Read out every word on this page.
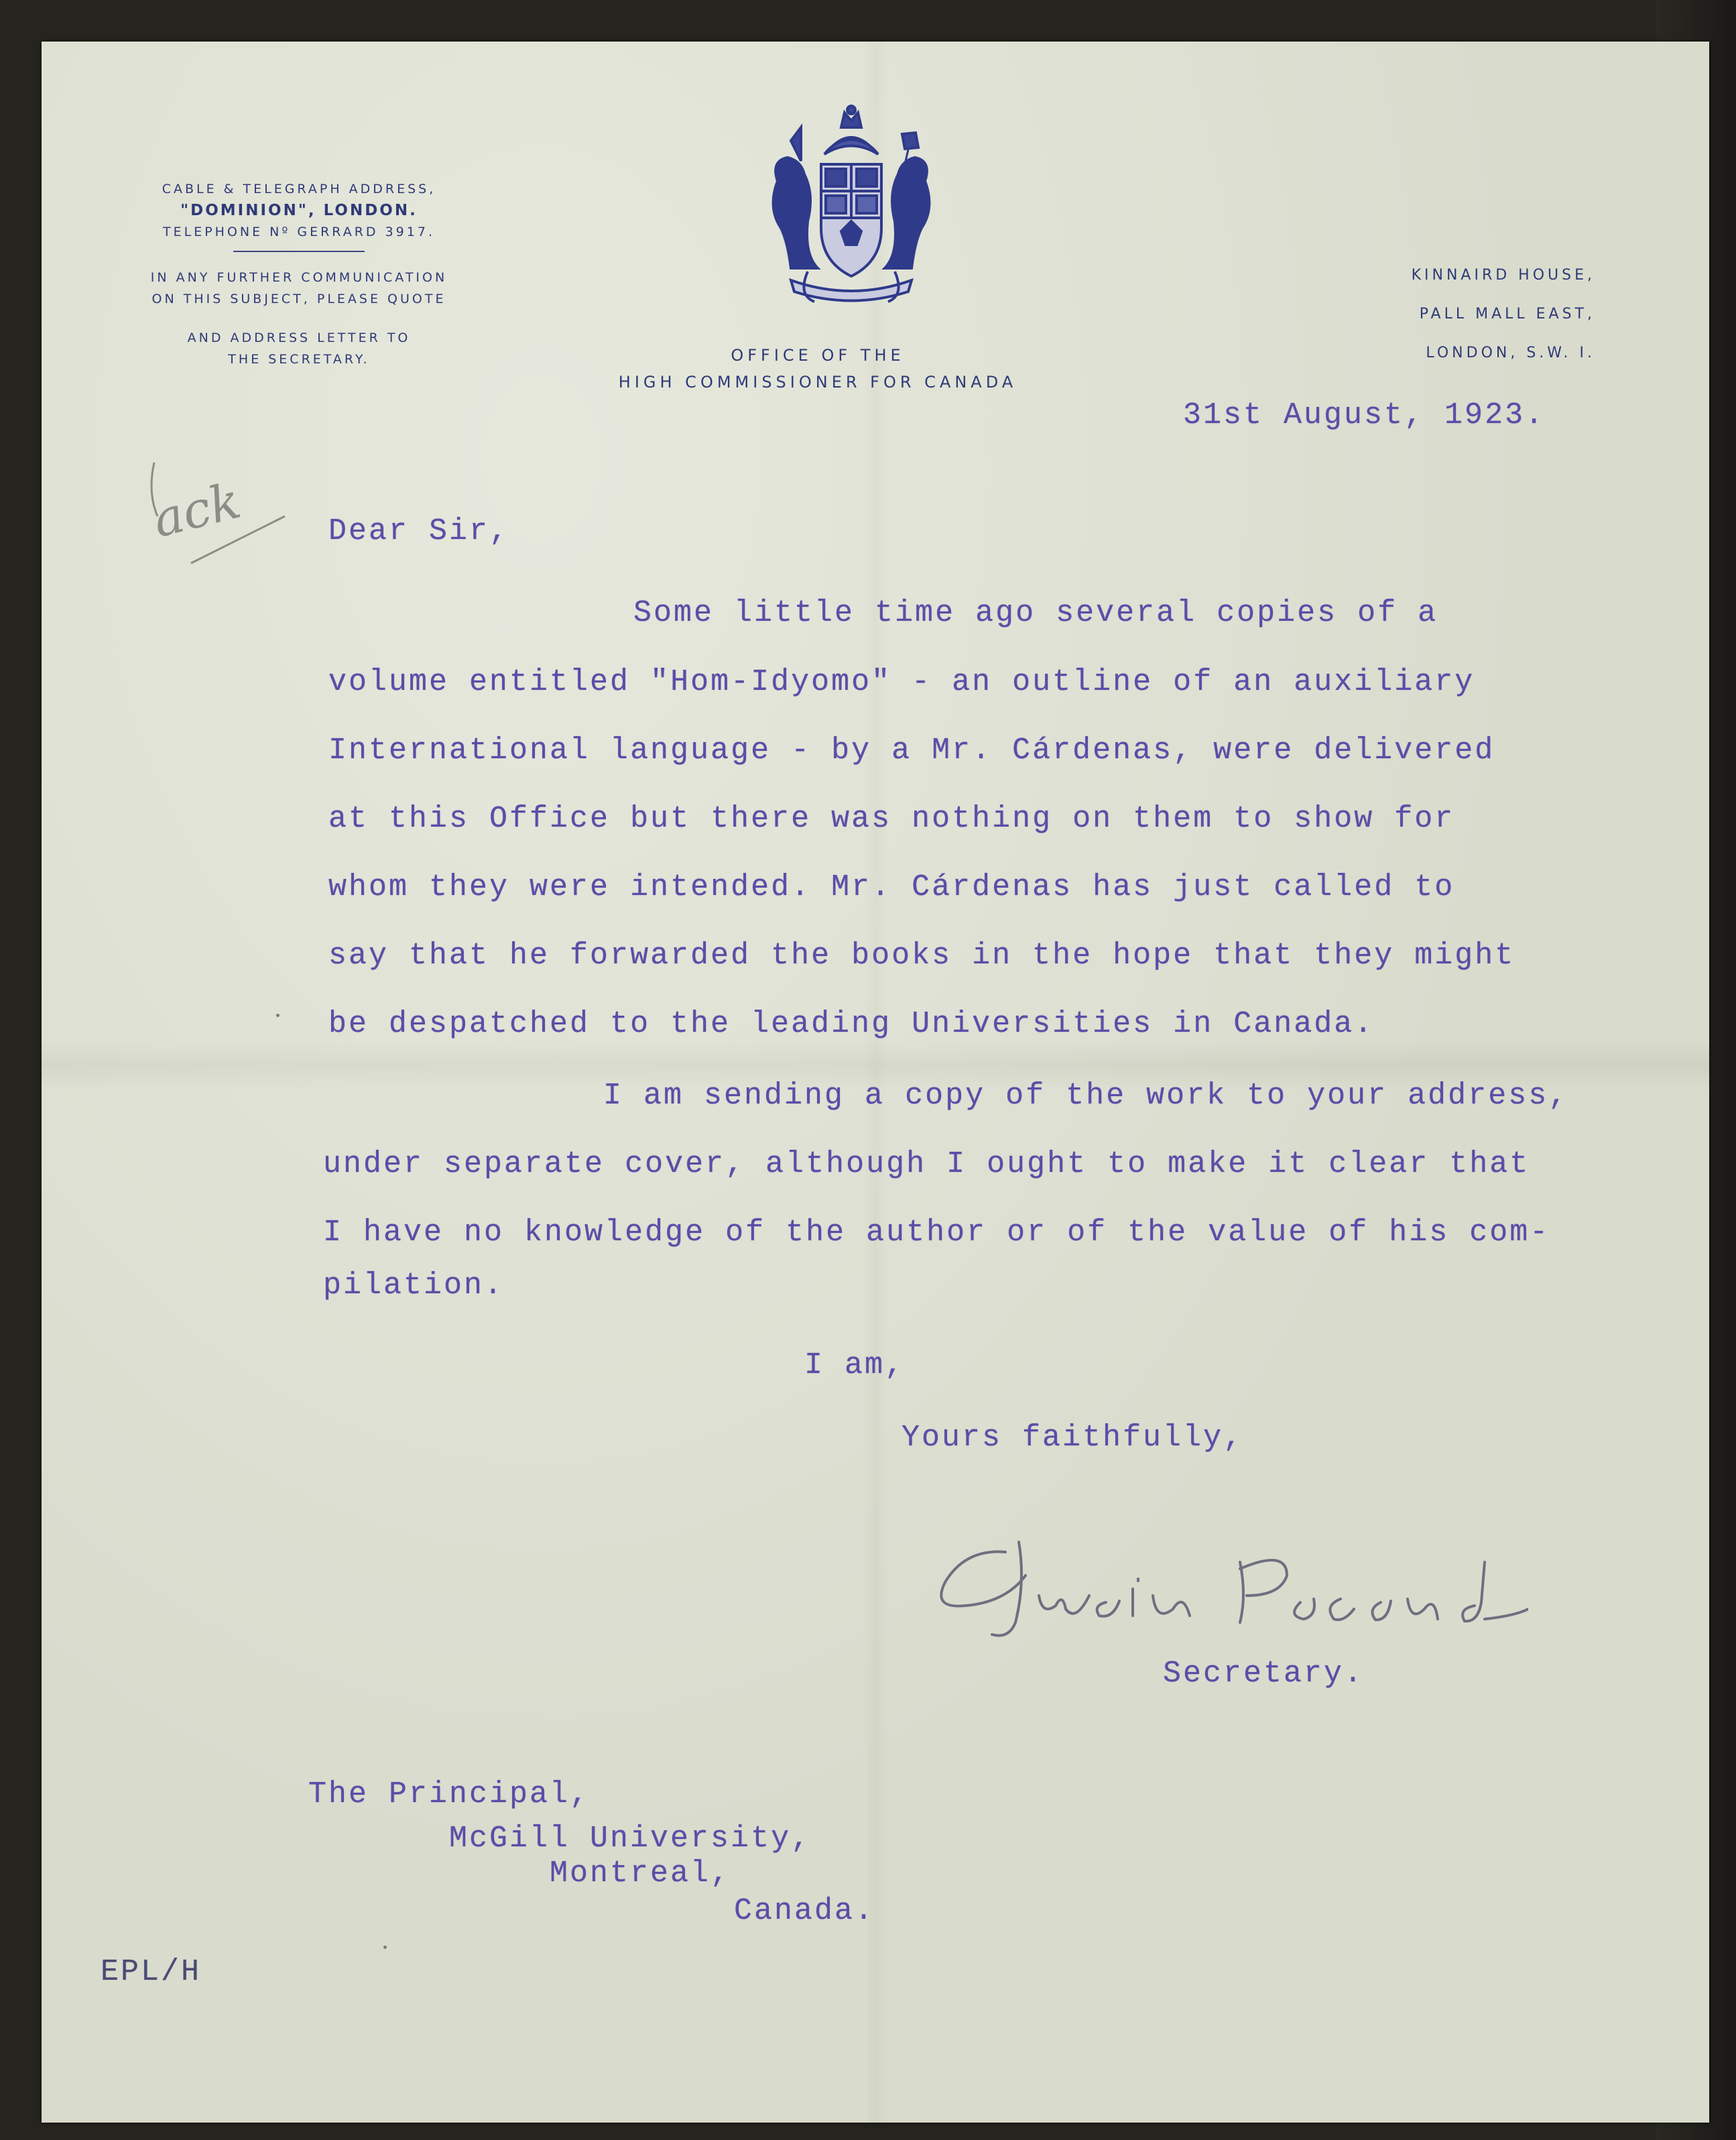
CABLE & TELEGRAPH ADDRESS,
"DOMINION", LONDON.
TELEPHONE Nº GERRARD 3917.
IN ANY FURTHER COMMUNICATION
ON THIS SUBJECT, PLEASE QUOTE
AND ADDRESS LETTER TO
THE SECRETARY.	OFFICE OF THE
HIGH COMMISSIONER FOR CANADA
KINNAIRD HOUSE,
PALL MALL EAST,
LONDON, S.W. I.
ack
31st August, 1923.
Dear Sir,
Some little time ago several copies of a
volume entitled "Hom-Idyomo" - an outline of an auxiliary
International language - by a Mr. Cárdenas, were delivered
at this Office but there was nothing on them to show for
whom they were intended. Mr. Cárdenas has just called to
say that he forwarded the books in the hope that they might
be despatched to the leading Universities in Canada.
I am sending a copy of the work to your address,
under separate cover, although I ought to make it clear that
I have no knowledge of the author or of the value of his com-
pilation.
I am,
Yours faithfully,
Secretary.
The Principal,
McGill University,
Montreal,
Canada.
EPL/H
